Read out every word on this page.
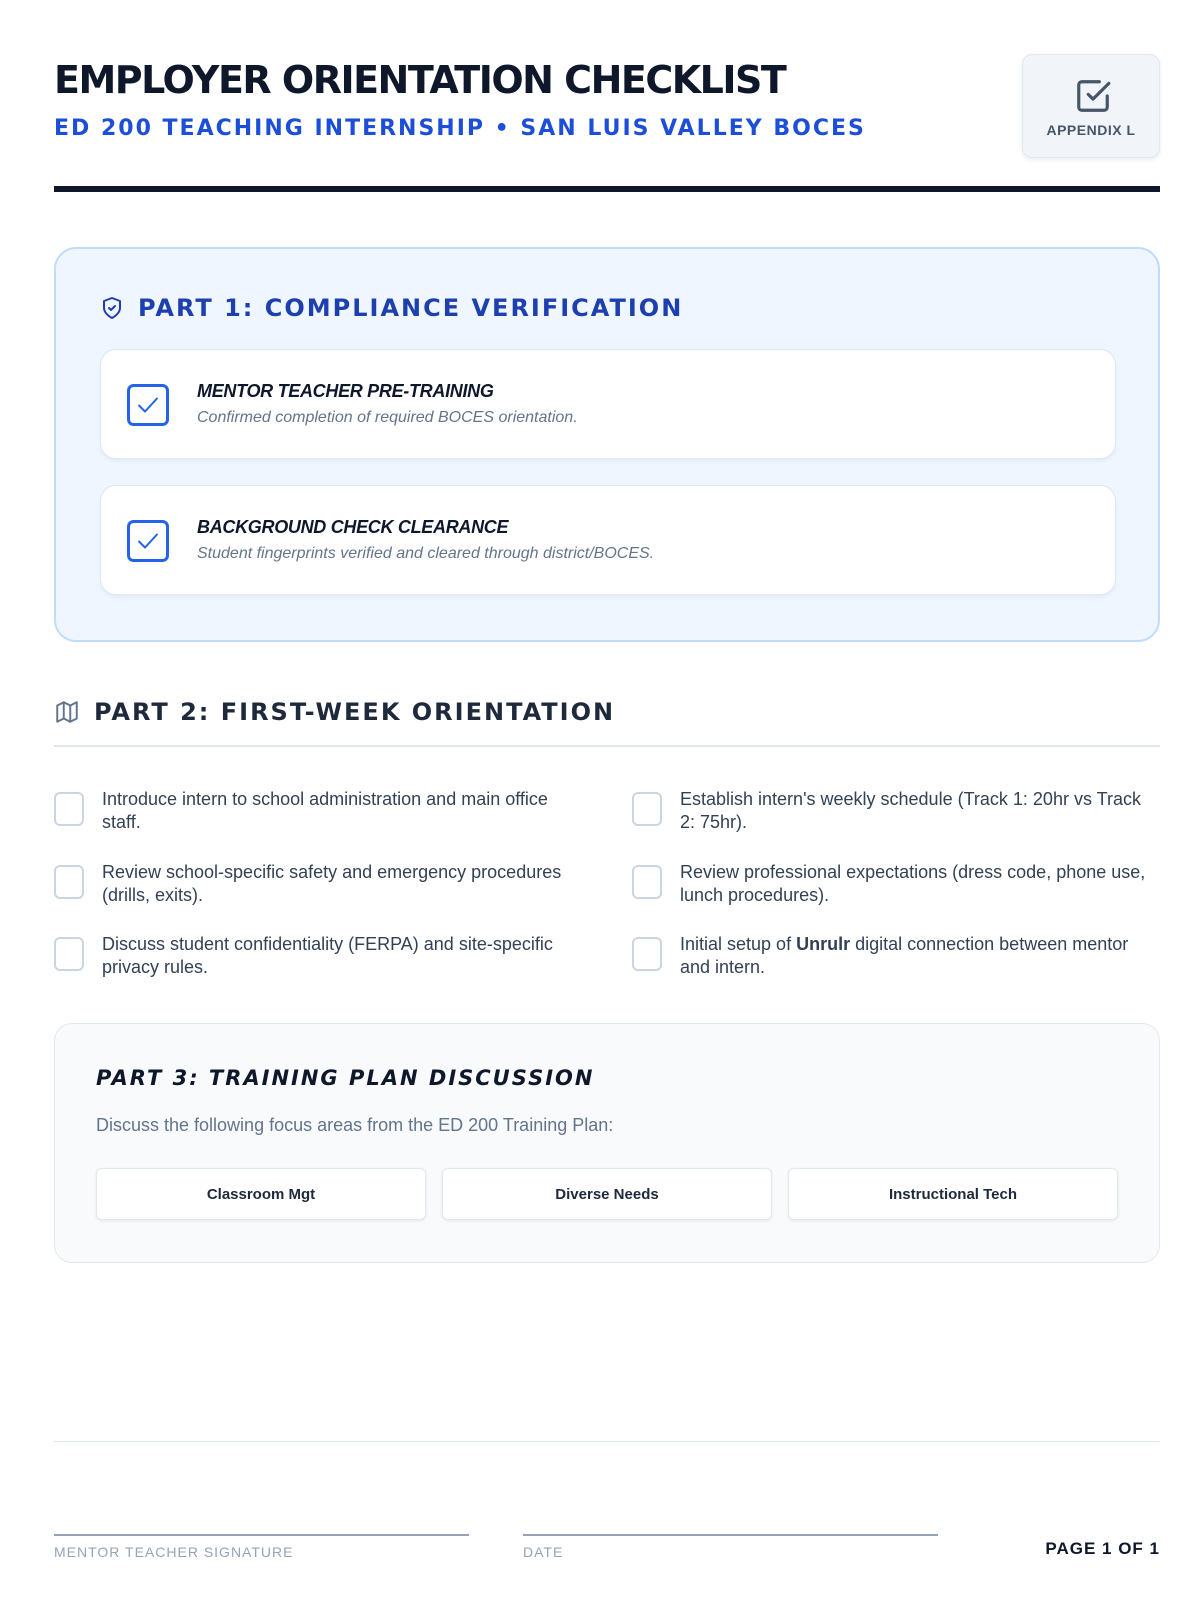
EMPLOYER ORIENTATION CHECKLIST
ED 200 TEACHING INTERNSHIP • SAN LUIS VALLEY BOCES	APPENDIX L
PART 1: COMPLIANCE VERIFICATION
MENTOR TEACHER PRE-TRAINING
Confirmed completion of required BOCES orientation.
BACKGROUND CHECK CLEARANCE
Student fingerprints verified and cleared through district/BOCES.
PART 2: FIRST-WEEK ORIENTATION
Introduce intern to school administration and main office staff.
Establish intern's weekly schedule (Track 1: 20hr vs Track 2: 75hr).
Review school-specific safety and emergency procedures (drills, exits).
Review professional expectations (dress code, phone use, lunch procedures).
Discuss student confidentiality (FERPA) and site-specific privacy rules.
Initial setup of Unrulr digital connection between mentor and intern.
PART 3: TRAINING PLAN DISCUSSION
Discuss the following focus areas from the ED 200 Training Plan:
Classroom Mgt	Diverse Needs	Instructional Tech
MENTOR TEACHER SIGNATURE	DATE	PAGE 1 OF 1
